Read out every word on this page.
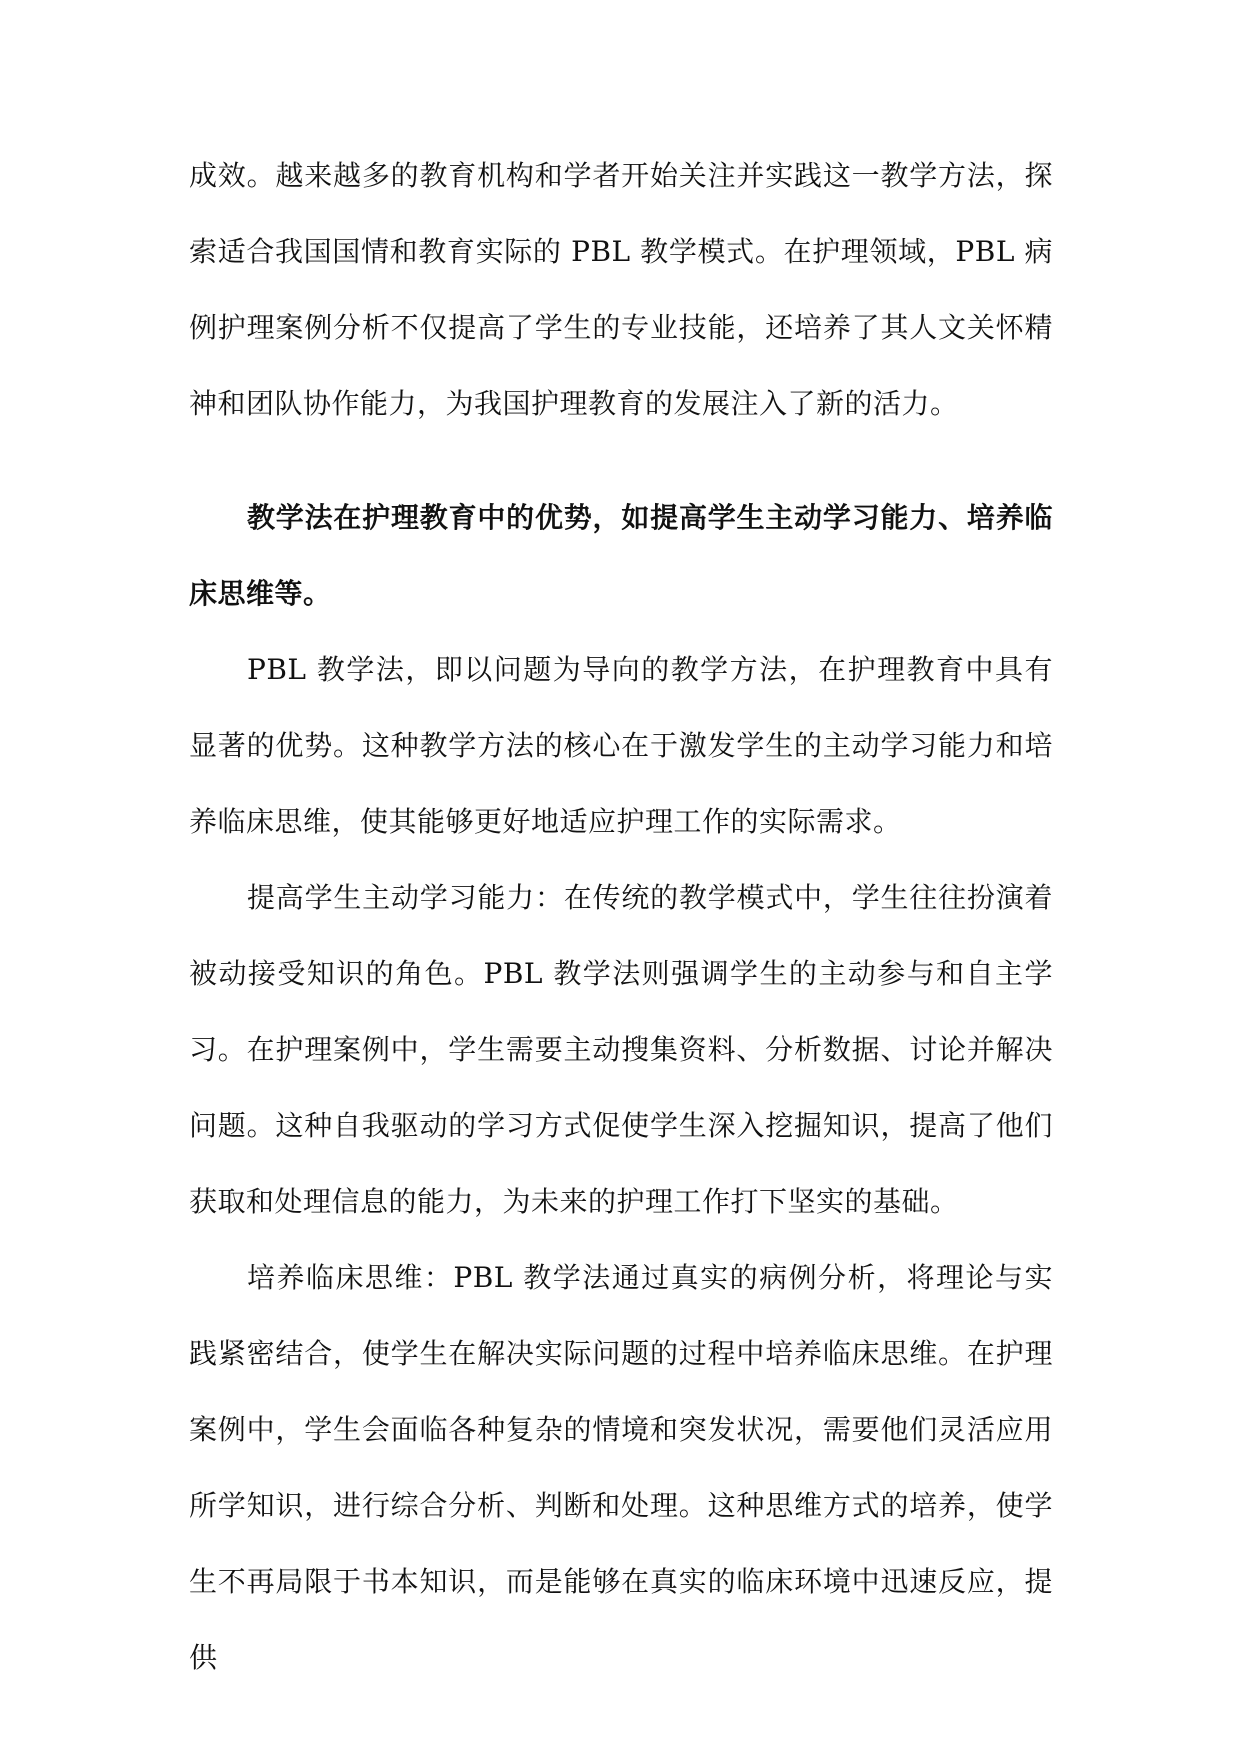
成效。越来越多的教育机构和学者开始关注并实践这一教学方法，探索适合我国国情和教育实际的 PBL 教学模式。在护理领域，PBL 病例护理案例分析不仅提高了学生的专业技能，还培养了其人文关怀精神和团队协作能力，为我国护理教育的发展注入了新的活力。

教学法在护理教育中的优势，如提高学生主动学习能力、培养临床思维等。

PBL 教学法，即以问题为导向的教学方法，在护理教育中具有显著的优势。这种教学方法的核心在于激发学生的主动学习能力和培养临床思维，使其能够更好地适应护理工作的实际需求。

提高学生主动学习能力：在传统的教学模式中，学生往往扮演着被动接受知识的角色。PBL 教学法则强调学生的主动参与和自主学习。在护理案例中，学生需要主动搜集资料、分析数据、讨论并解决问题。这种自我驱动的学习方式促使学生深入挖掘知识，提高了他们获取和处理信息的能力，为未来的护理工作打下坚实的基础。

培养临床思维：PBL 教学法通过真实的病例分析，将理论与实践紧密结合，使学生在解决实际问题的过程中培养临床思维。在护理案例中，学生会面临各种复杂的情境和突发状况，需要他们灵活应用所学知识，进行综合分析、判断和处理。这种思维方式的培养，使学生不再局限于书本知识，而是能够在真实的临床环境中迅速反应，提供
